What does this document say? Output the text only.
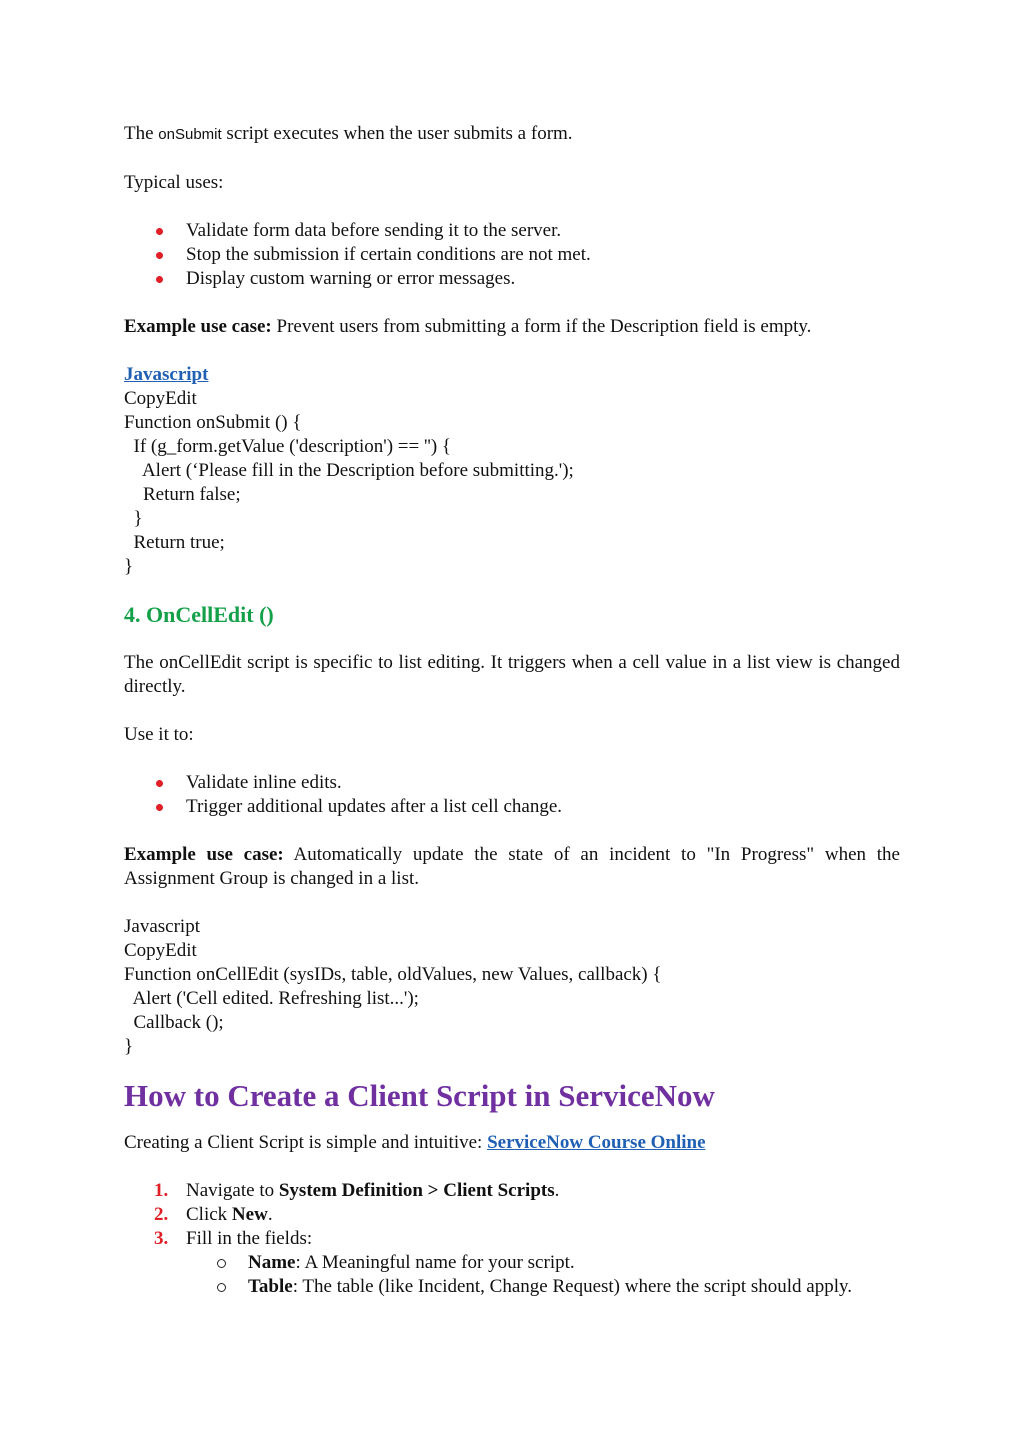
The onSubmit script executes when the user submits a form.

Typical uses:

Validate form data before sending it to the server.
Stop the submission if certain conditions are not met.
Display custom warning or error messages.

Example use case: Prevent users from submitting a form if the Description field is empty.

Javascript

CopyEdit

Function onSubmit () {

If (g_form.getValue ('description') == '') {

Alert (‘Please fill in the Description before submitting.');

Return false;

}

Return true;

}

4. OnCellEdit ()

The onCellEdit script is specific to list editing. It triggers when a cell value in a list view is changed directly.

Use it to:

Validate inline edits.
Trigger additional updates after a list cell change.

Example use case: Automatically update the state of an incident to "In Progress" when the Assignment Group is changed in a list.

Javascript

CopyEdit

Function onCellEdit (sysIDs, table, oldValues, new Values, callback) {

Alert ('Cell edited. Refreshing list...');

Callback ();

}

How to Create a Client Script in ServiceNow

Creating a Client Script is simple and intuitive: ServiceNow Course Online

1. Navigate to System Definition > Client Scripts.
2. Click New.
3. Fill in the fields:
Name: A Meaningful name for your script.
Table: The table (like Incident, Change Request) where the script should apply.
